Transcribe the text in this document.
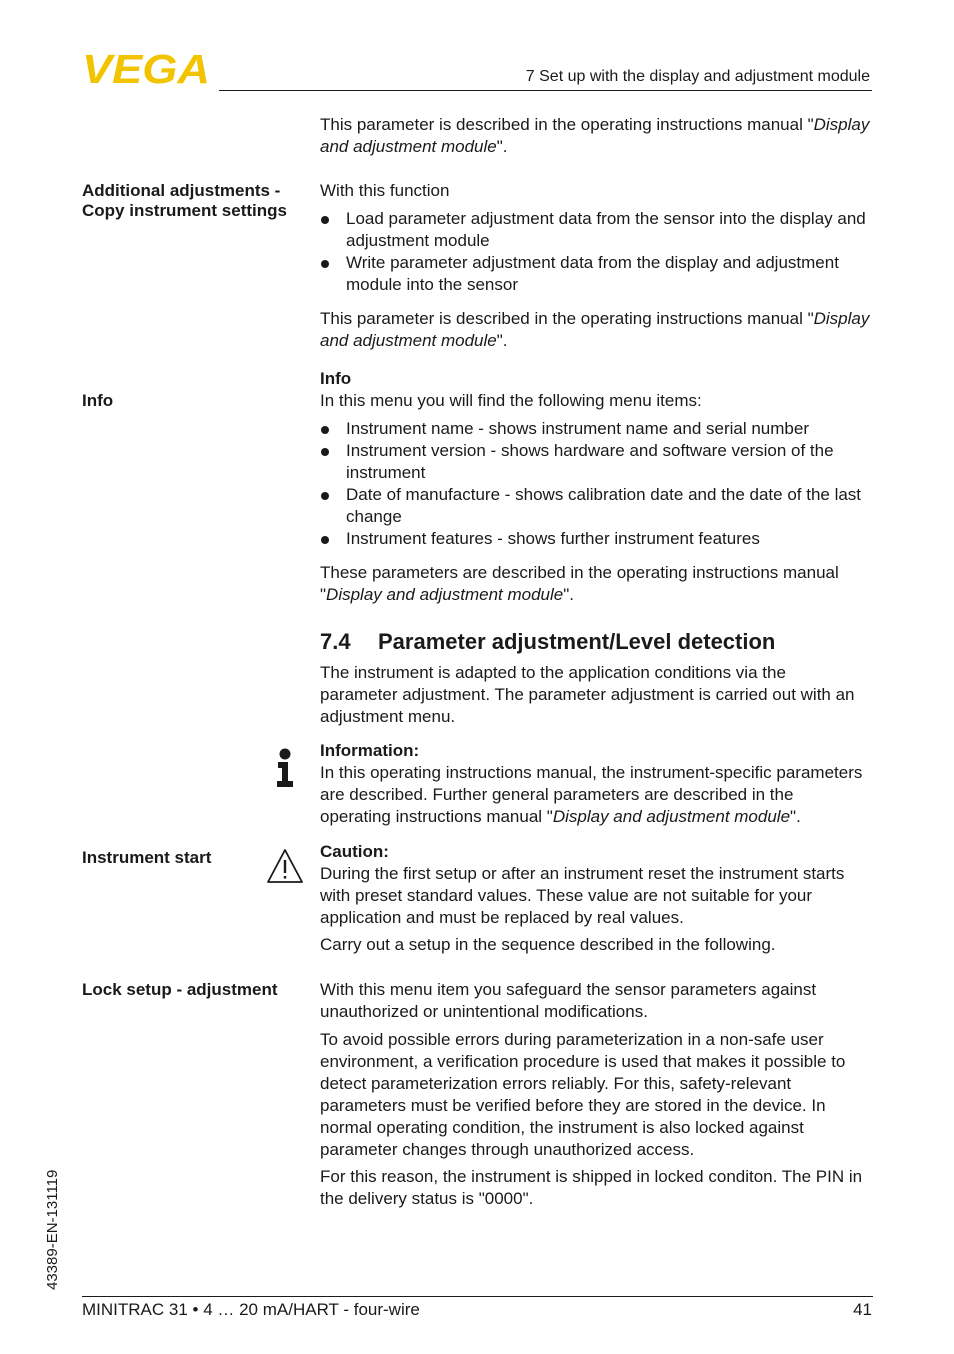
VEGA	7 Set up with the display and adjustment module

This parameter is described in the operating instructions manual "Display and adjustment module".

Additional adjustments -
Copy instrument settings

With this function

Load parameter adjustment data from the sensor into the display and adjustment module
Write parameter adjustment data from the display and adjustment module into the sensor

This parameter is described in the operating instructions manual "Display and adjustment module".

Info

Info

In this menu you will find the following menu items:

Instrument name - shows instrument name and serial number
Instrument version - shows hardware and software version of the instrument
Date of manufacture - shows calibration date and the date of the last change
Instrument features - shows further instrument features

These parameters are described in the operating instructions manual "Display and adjustment module".

7.4 Parameter adjustment/Level detection

The instrument is adapted to the application conditions via the parameter adjustment. The parameter adjustment is carried out with an adjustment menu.

Information:

In this operating instructions manual, the instrument-specific parameters are described. Further general parameters are described in the operating instructions manual "Display and adjustment module".

Instrument start	Caution:

During the first setup or after an instrument reset the instrument starts with preset standard values. These value are not suitable for your application and must be replaced by real values.

Carry out a setup in the sequence described in the following.

Lock setup - adjustment	With this menu item you safeguard the sensor parameters against unauthorized or unintentional modifications.

To avoid possible errors during parameterization in a non-safe user environment, a verification procedure is used that makes it possible to detect parameterization errors reliably. For this, safety-relevant parameters must be verified before they are stored in the device. In normal operating condition, the instrument is also locked against parameter changes through unauthorized access.

For this reason, the instrument is shipped in locked conditon. The PIN in the delivery status is "0000".

43389-EN-131119
MINITRAC 31 • 4 … 20 mA/HART - four-wire	41
